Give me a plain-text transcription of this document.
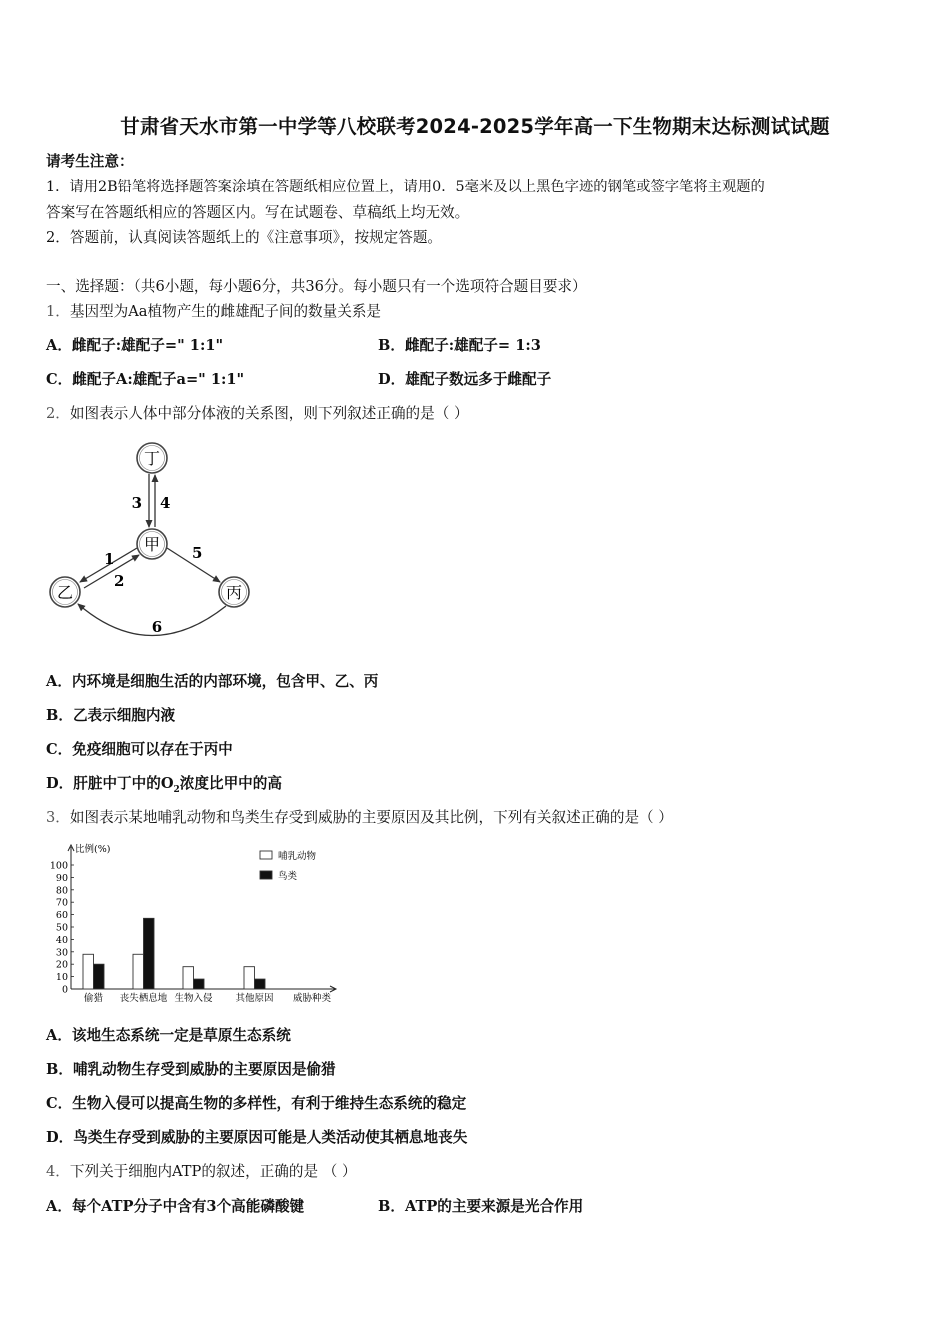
甘肃省天水市第一中学等八校联考2024-2025学年高一下生物期末达标测试试题
请考生注意：
1．请用2B铅笔将选择题答案涂填在答题纸相应位置上，请用0．5毫米及以上黑色字迹的钢笔或签字笔将主观题的
答案写在答题纸相应的答题区内。写在试题卷、草稿纸上均无效。
2．答题前，认真阅读答题纸上的《注意事项》，按规定答题。
一、选择题：（共6小题，每小题6分，共36分。每小题只有一个选项符合题目要求）
1．基因型为Aa植物产生的雌雄配子间的数量关系是
A．雌配子:雄配子=" 1:1"	B．雌配子:雄配子= 1:3
C．雌配子A:雄配子a=" 1:1"	D．雄配子数远多于雌配子
2．如图表示人体中部分体液的关系图，则下列叙述正确的是（ ）
丁
甲
乙	丙
3 4
1
2
5
6
A．内环境是细胞生活的内部环境，包含甲、乙、丙
B．乙表示细胞内液
C．免疫细胞可以存在于丙中
D．肝脏中丁中的$O_2$浓度比甲中的高
3．如图表示某地哺乳动物和鸟类生存受到威胁的主要原因及其比例，下列有关叙述正确的是（ ）
比例(%)
0
10
20
30
40
50
60
70
80
90
100
偷猎 丧失栖息地 生物入侵 其他原因 威胁种类
哺乳动物
鸟类
A．该地生态系统一定是草原生态系统
B．哺乳动物生存受到威胁的主要原因是偷猎
C．生物入侵可以提高生物的多样性，有利于维持生态系统的稳定
D．鸟类生存受到威胁的主要原因可能是人类活动使其栖息地丧失
4．下列关于细胞内ATP的叙述，正确的是 （ ）
A．每个ATP分子中含有3个高能磷酸键	B．ATP的主要来源是光合作用
